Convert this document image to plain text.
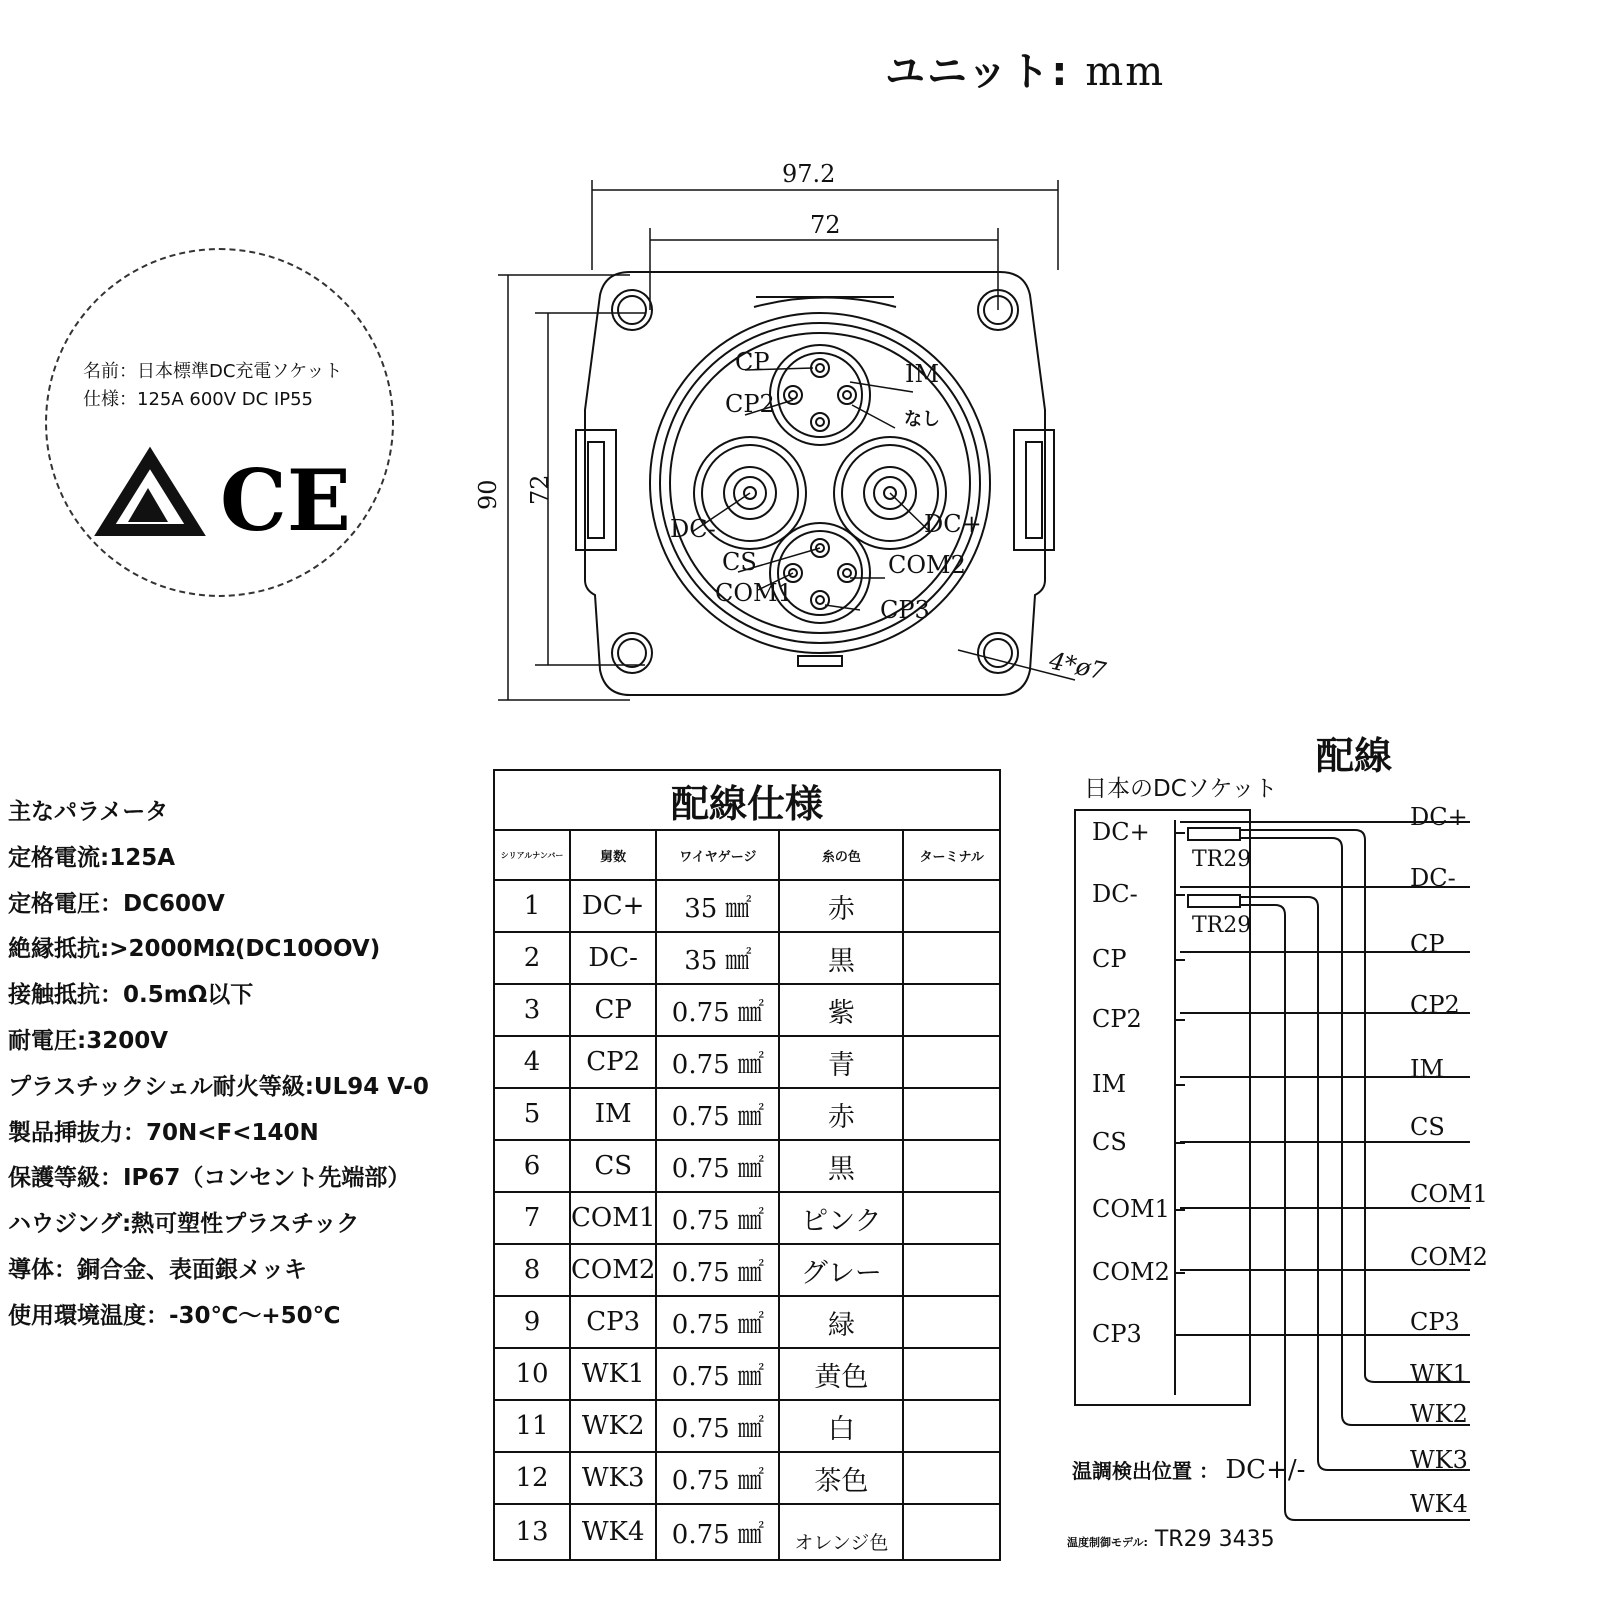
ユニット: mm
名前：日本標準DC充電ソケット
仕様：125A 600V DC IP55
CE
97.2
72
90 72
4*ø7
CP
CP2
IM
なし
DC-	DC+
CS
COM1
COM2
CP3
主なパラメータ
定格電流:125A
定格電圧：DC600V
絶縁抵抗:>2000MΩ(DC10OOV)
接触抵抗：0.5mΩ以下
耐電圧:3200V
プラスチックシェル耐火等級:UL94 V-0
製品挿抜力：70N<F<140N
保護等級：IP67（コンセント先端部）
ハウジング:熱可塑性プラスチック
導体：銅合金、表面銀メッキ
使用環境温度：-30℃～+50℃
配線仕様				
シリアルナンバー	舅数	ワイヤゲージ	糸の色	ターミナル
1	DC+	35 ㎟	赤	
2	DC-	35 ㎟	黒	
3	CP	0.75 ㎟	紫	
4	CP2	0.75 ㎟	青	
5	IM	0.75 ㎟	赤	
6	CS	0.75 ㎟	黒	
7	COM1	0.75 ㎟	ピンク	
8	COM2	0.75 ㎟	グレー	
9	CP3	0.75 ㎟	緑	
10	WK1	0.75 ㎟	黄色	
11	WK2	0.75 ㎟	白	
12	WK3	0.75 ㎟	茶色	
13	WK4	0.75 ㎟	オレンジ色	
配線
日本のDCソケット
DC+
DC-
CP
CP2
IM
CS
COM1
COM2
CP3
TR29
TR29
DC+
DC-
CP
CP2
IM
CS
COM1
COM2
CP3
WK1
WK2
WK3
WK4
温調検出位置 ： DC+/-
温度制御モデル: TR29 3435
